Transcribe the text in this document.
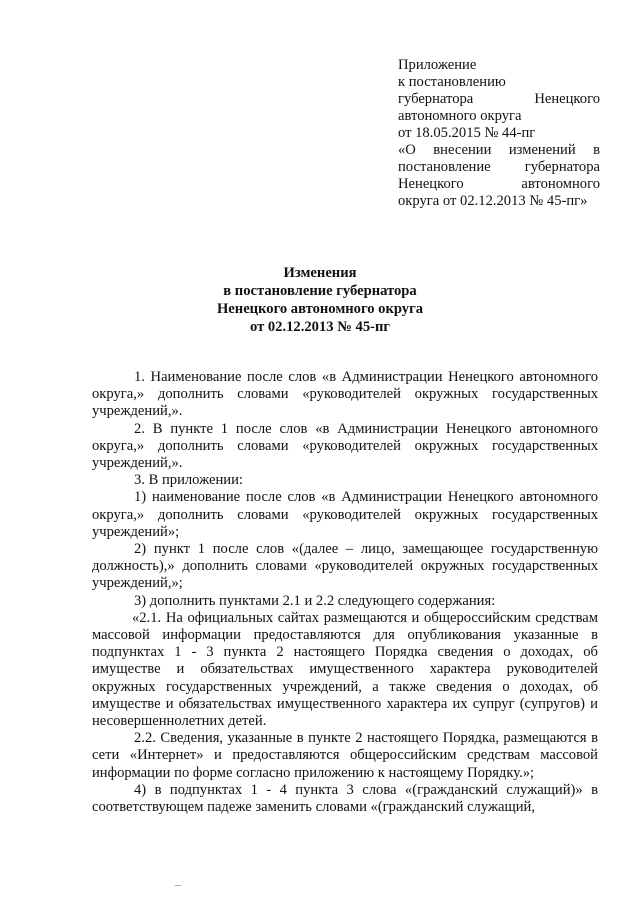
Приложение
к постановлению
губернатора Ненецкого
автономного округа
от 18.05.2015 № 44-пг
«О внесении изменений в
постановление губернатора
Ненецкого автономного
округа от 02.12.2013 № 45-пг»
Изменения
в постановление губернатора
Ненецкого автономного округа
от 02.12.2013 № 45-пг

1. Наименование после слов «в Администрации Ненецкого автономного округа,» дополнить словами «руководителей окружных государственных учреждений,».

2. В пункте 1 после слов «в Администрации Ненецкого автономного округа,» дополнить словами «руководителей окружных государственных учреждений,».

3. В приложении:

1) наименование после слов «в Администрации Ненецкого автономного округа,» дополнить словами «руководителей окружных государственных учреждений»;

2) пункт 1 после слов «(далее – лицо, замещающее государственную должность),» дополнить словами «руководителей окружных государственных учреждений,»;

3) дополнить пунктами 2.1 и 2.2 следующего содержания:

«2.1. На официальных сайтах размещаются и общероссийским средствам массовой информации предоставляются для опубликования указанные в подпунктах 1 - 3 пункта 2 настоящего Порядка сведения о доходах, об имуществе и обязательствах имущественного характера руководителей окружных государственных учреждений, а также сведения о доходах, об имуществе и обязательствах имущественного характера их супруг (супругов) и несовершеннолетних детей.

2.2. Сведения, указанные в пункте 2 настоящего Порядка, размещаются в сети «Интернет» и предоставляются общероссийским средствам массовой информации по форме согласно приложению к настоящему Порядку.»;

4) в подпунктах 1 - 4 пункта 3 слова «(гражданский служащий)» в соответствующем падеже заменить словами «(гражданский служащий,
